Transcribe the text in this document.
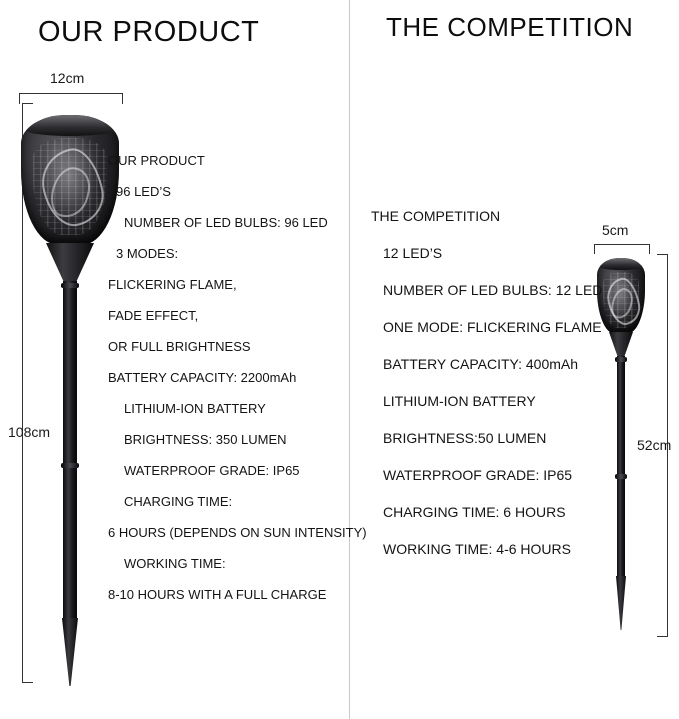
OUR PRODUCT	THE COMPETITION
12cm
108cm
OUR PRODUCT
96 LED’S
NUMBER OF LED BULBS: 96 LED
3 MODES:
FLICKERING FLAME,
FADE EFFECT,
OR FULL BRIGHTNESS
BATTERY CAPACITY: 2200mAh
LITHIUM-ION BATTERY
BRIGHTNESS: 350 LUMEN
WATERPROOF GRADE: IP65
CHARGING TIME:
6 HOURS (DEPENDS ON SUN INTENSITY)
WORKING TIME:
8-10 HOURS WITH A FULL CHARGE
5cm
52cm
THE COMPETITION
12 LED’S
NUMBER OF LED BULBS: 12 LED
ONE MODE: FLICKERING FLAME
BATTERY CAPACITY: 400mAh
LITHIUM-ION BATTERY
BRIGHTNESS:50 LUMEN
WATERPROOF GRADE: IP65
CHARGING TIME: 6 HOURS
WORKING TIME: 4-6 HOURS
